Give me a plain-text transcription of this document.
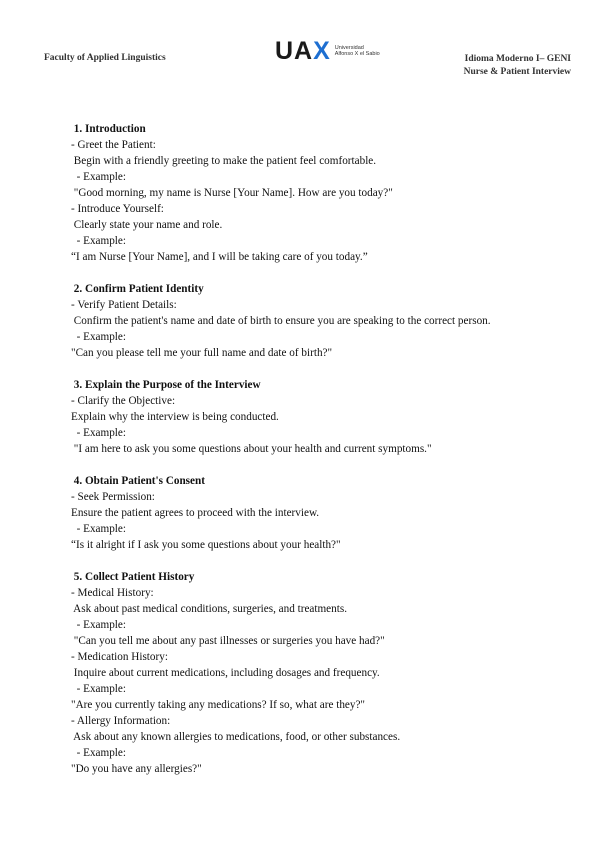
Faculty of Applied Linguistics	UAX Universidad
Alfonso X el Sabio	Idioma Moderno I– GENI
Nurse & Patient Interview
1. Introduction
- Greet the Patient:
Begin with a friendly greeting to make the patient feel comfortable.
- Example:
"Good morning, my name is Nurse [Your Name]. How are you today?"
- Introduce Yourself:
Clearly state your name and role.
- Example:
“I am Nurse [Your Name], and I will be taking care of you today.”
2. Confirm Patient Identity
- Verify Patient Details:
Confirm the patient's name and date of birth to ensure you are speaking to the correct person.
- Example:
"Can you please tell me your full name and date of birth?"
3. Explain the Purpose of the Interview
- Clarify the Objective:
Explain why the interview is being conducted.
- Example:
"I am here to ask you some questions about your health and current symptoms."
4. Obtain Patient's Consent
- Seek Permission:
Ensure the patient agrees to proceed with the interview.
- Example:
“Is it alright if I ask you some questions about your health?"
5. Collect Patient History
- Medical History:
Ask about past medical conditions, surgeries, and treatments.
- Example:
"Can you tell me about any past illnesses or surgeries you have had?"
- Medication History:
Inquire about current medications, including dosages and frequency.
- Example:
"Are you currently taking any medications? If so, what are they?"
- Allergy Information:
Ask about any known allergies to medications, food, or other substances.
- Example:
"Do you have any allergies?"
